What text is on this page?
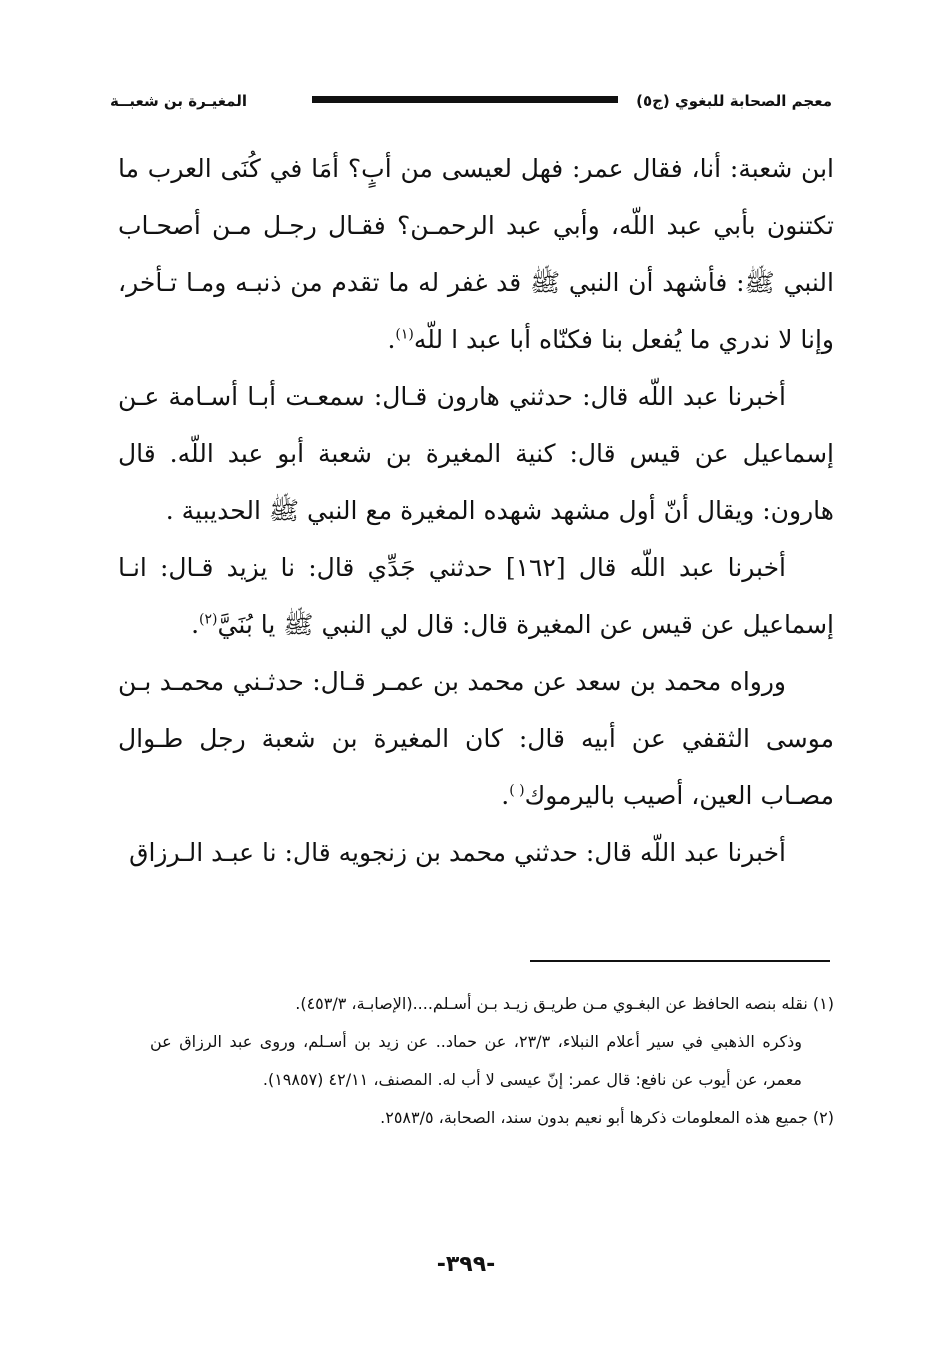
معجم الصحابة للبغوي (ج٥)
المغيـرة بن شعبــة

ابن شعبة: أنا، فقال عمر: فهل لعيسى من أبٍ؟ أمَا في كُنَى العرب ما تكتنون بأبي عبد اللّه، وأبي عبد الرحمـن؟ فقـال رجـل مـن أصحـاب النبي ﷺ: فأشهد أن النبي ﷺ قد غفر له ما تقدم من ذنبـه ومـا تـأخر، وإنا لا ندري ما يُفعل بنا فكنّاه أبا عبد ا للّه$^{(١)}$.

أخبرنا عبد اللّه قال: حدثني هارون قـال: سمعـت أبـا أسـامة عـن إسماعيل عن قيس قال: كنية المغيرة بن شعبة أبو عبد اللّه. قال هارون: ويقال أنّ أول مشهد شهده المغيرة مع النبي ﷺ الحديبية .

أخبرنا عبد اللّه قال [١٦٢] حدثني جَدِّي قال: نا يزيد قـال: انـا إسماعيل عن قيس عن المغيرة قال: قال لي النبي ﷺ يا بُنَيَّ$^{(٢)}$.

ورواه محمد بن سعد عن محمد بن عمـر قـال: حدثـني محمـد بـن موسى الثقفي عن أبيه قال: كان المغيرة بن شعبة رجل طـوال مصـاب العين، أصيب باليرموك( ).

أخبرنا عبد اللّه قال: حدثني محمد بن زنجويه قال: نا عبـد الـرزاق

(١) نقله بنصه الحافظ عن البغـوي مـن طريـق زيـد بـن أسـلم....(الإصابـة، ٤٥٣/٣).

وذكره الذهبي في سير أعلام النبلاء، ٢٣/٣، عن حماد.. عن زيد بن أسـلم، وروى عبد الرزاق عن معمر، عن أيوب عن نافع: قال عمر: إنّ عيسى لا أب له. المصنف، ٤٢/١١ (١٩٨٥٧).

(٢) جميع هذه المعلومات ذكرها أبو نعيم بدون سند، الصحابة، ٢٥٨٣/٥.

-٣٩٩-
